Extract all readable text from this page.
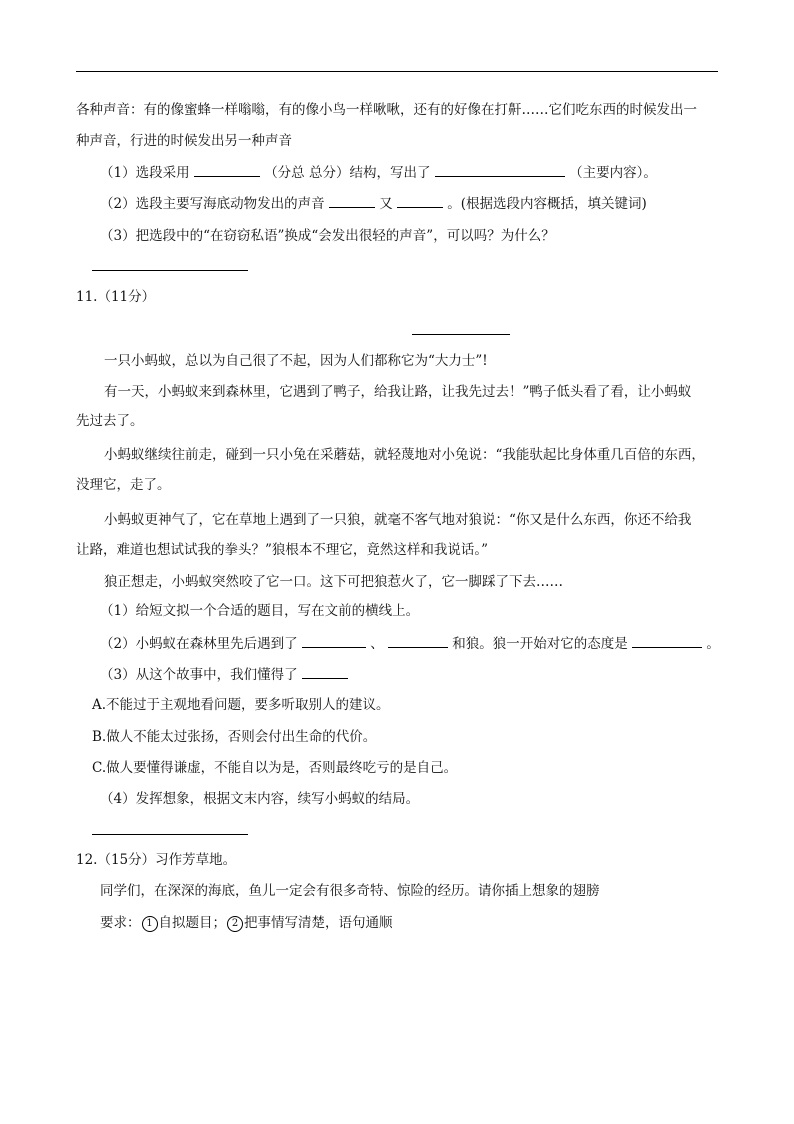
各种声音：有的像蜜蜂一样嗡嗡，有的像小鸟一样啾啾，还有的好像在打鼾……它们吃东西的时候发出一
种声音，行进的时候发出另一种声音
（1）选段采用	（分总 总分）结构，写出了	（主要内容）。
（2）选段主要写海底动物发出的声音	又	。(根据选段内容概括，填关键词)
（3）把选段中的“在窃窃私语”换成“会发出很轻的声音”，可以吗？为什么？
11.（11分）
一只小蚂蚁，总以为自己很了不起，因为人们都称它为“大力士”!
有一天，小蚂蚁来到森林里，它遇到了鸭子，给我让路，让我先过去！”鸭子低头看了看，让小蚂蚁
先过去了。
小蚂蚁继续往前走，碰到一只小兔在采蘑菇，就轻蔑地对小兔说：“我能驮起比身体重几百倍的东西，
没理它，走了。
小蚂蚁更神气了，它在草地上遇到了一只狼，就毫不客气地对狼说：“你又是什么东西，你还不给我
让路，难道也想试试我的拳头？”狼根本不理它，竟然这样和我说话。”
狼正想走，小蚂蚁突然咬了它一口。这下可把狼惹火了，它一脚踩了下去……
（1）给短文拟一个合适的题目，写在文前的横线上。
（2）小蚂蚁在森林里先后遇到了	、	和狼。狼一开始对它的态度是	。
（3）从这个故事中，我们懂得了
A.不能过于主观地看问题，要多听取别人的建议。
B.做人不能太过张扬，否则会付出生命的代价。
C.做人要懂得谦虚，不能自以为是，否则最终吃亏的是自己。
（4）发挥想象，根据文末内容，续写小蚂蚁的结局。
12.（15分）习作芳草地。
同学们，在深深的海底，鱼儿一定会有很多奇特、惊险的经历。请你插上想象的翅膀
要求： 1 自拟题目； 2 把事情写清楚，语句通顺
